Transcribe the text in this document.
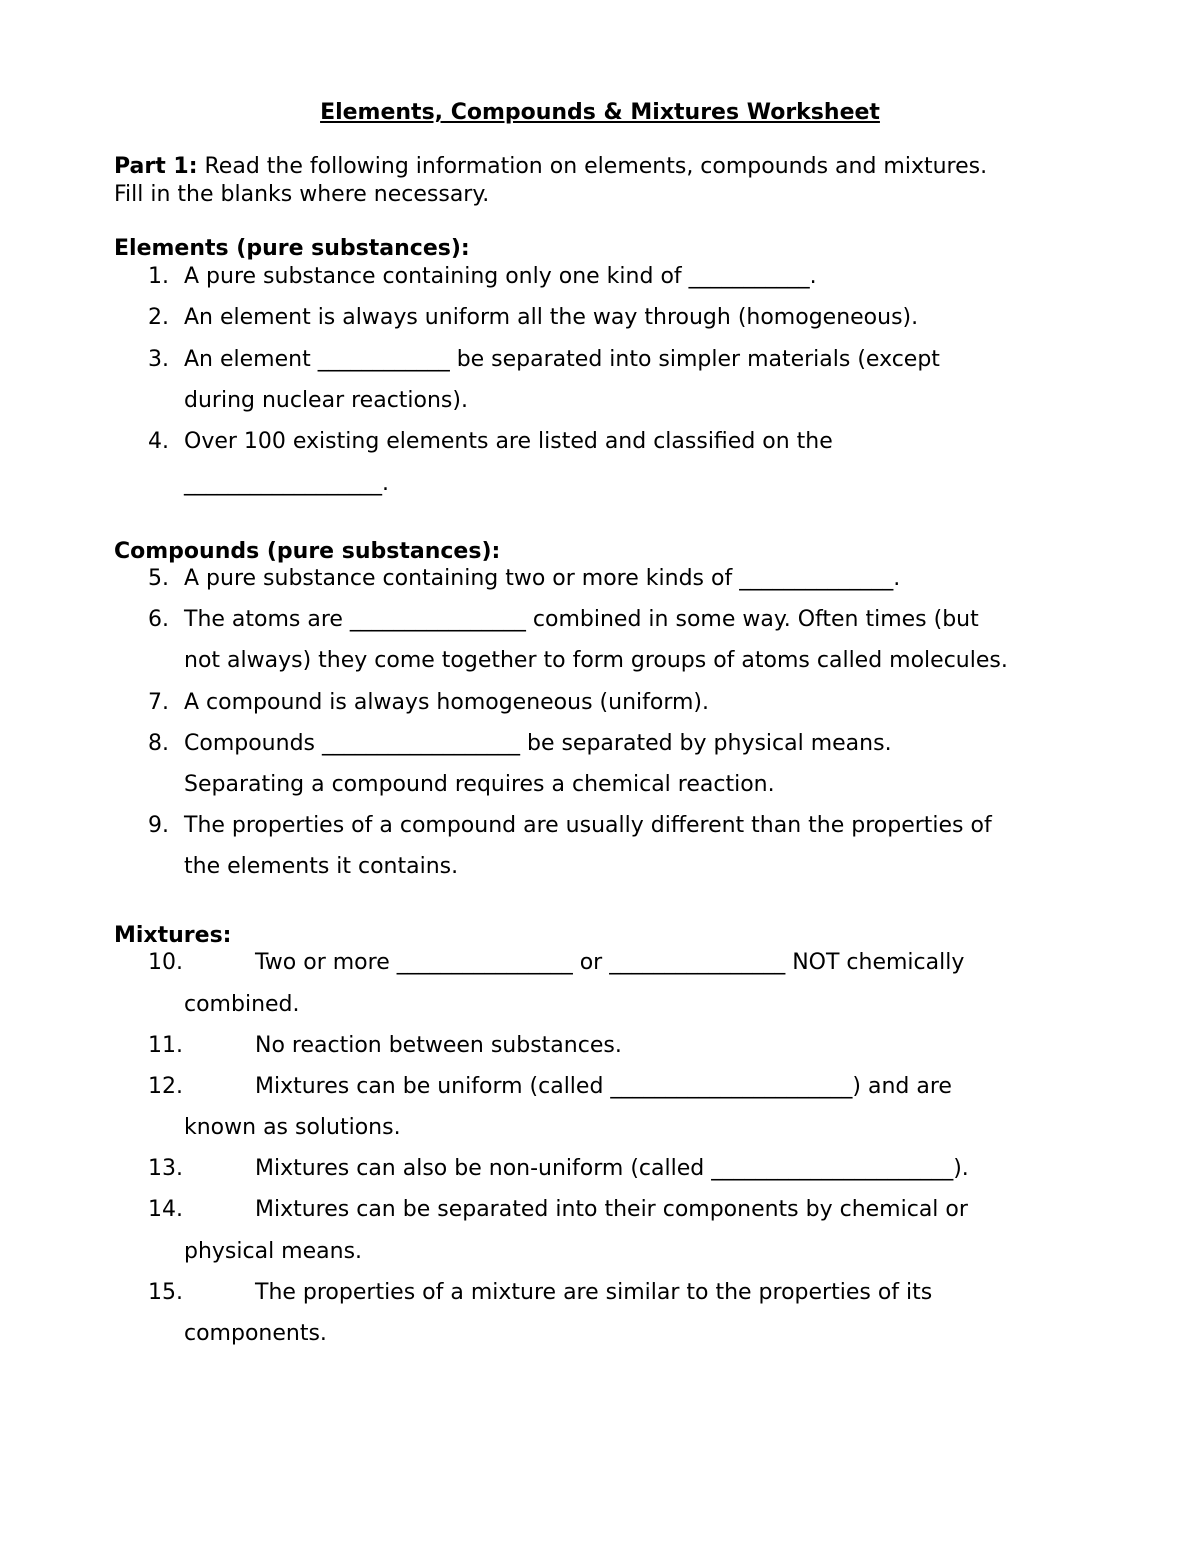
Elements, Compounds & Mixtures Worksheet
Part 1: Read the following information on elements, compounds and mixtures.
Fill in the blanks where necessary.
Elements (pure substances):
1. A pure substance containing only one kind of ___________.
2. An element is always uniform all the way through (homogeneous).
3. An element ____________ be separated into simpler materials (except
during nuclear reactions).
4. Over 100 existing elements are listed and classified on the
__________________.
Compounds (pure substances):
5. A pure substance containing two or more kinds of ______________.
6. The atoms are ________________ combined in some way. Often times (but
not always) they come together to form groups of atoms called molecules.
7. A compound is always homogeneous (uniform).
8. Compounds __________________ be separated by physical means.
Separating a compound requires a chemical reaction.
9. The properties of a compound are usually different than the properties of
the elements it contains.
Mixtures:
10.	Two or more ________________ or ________________ NOT chemically
combined.
11.	No reaction between substances.
12.	Mixtures can be uniform (called ______________________) and are
known as solutions.
13.	Mixtures can also be non-uniform (called ______________________).
14.	Mixtures can be separated into their components by chemical or
physical means.
15.	The properties of a mixture are similar to the properties of its
components.
